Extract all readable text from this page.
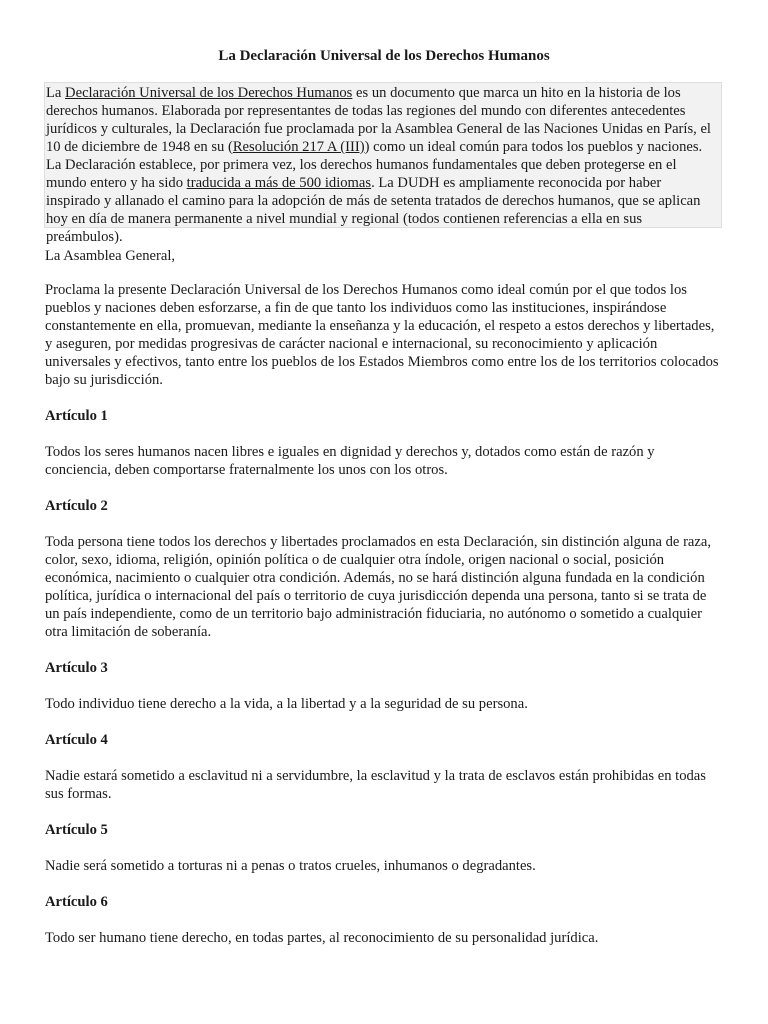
La Declaración Universal de los Derechos Humanos

La Declaración Universal de los Derechos Humanos es un documento que marca un hito en la historia de los derechos humanos. Elaborada por representantes de todas las regiones del mundo con diferentes antecedentes jurídicos y culturales, la Declaración fue proclamada por la Asamblea General de las Naciones Unidas en París, el 10 de diciembre de 1948 en su (Resolución 217 A (III)) como un ideal común para todos los pueblos y naciones. La Declaración establece, por primera vez, los derechos humanos fundamentales que deben protegerse en el mundo entero y ha sido traducida a más de 500 idiomas. La DUDH es ampliamente reconocida por haber inspirado y allanado el camino para la adopción de más de setenta tratados de derechos humanos, que se aplican hoy en día de manera permanente a nivel mundial y regional (todos contienen referencias a ella en sus preámbulos).

La Asamblea General,

Proclama la presente Declaración Universal de los Derechos Humanos como ideal común por el que todos los pueblos y naciones deben esforzarse, a fin de que tanto los individuos como las instituciones, inspirándose constantemente en ella, promuevan, mediante la enseñanza y la educación, el respeto a estos derechos y libertades, y aseguren, por medidas progresivas de carácter nacional e internacional, su reconocimiento y aplicación universales y efectivos, tanto entre los pueblos de los Estados Miembros como entre los de los territorios colocados bajo su jurisdicción.

Artículo 1

Todos los seres humanos nacen libres e iguales en dignidad y derechos y, dotados como están de razón y conciencia, deben comportarse fraternalmente los unos con los otros.

Artículo 2

Toda persona tiene todos los derechos y libertades proclamados en esta Declaración, sin distinción alguna de raza, color, sexo, idioma, religión, opinión política o de cualquier otra índole, origen nacional o social, posición económica, nacimiento o cualquier otra condición. Además, no se hará distinción alguna fundada en la condición política, jurídica o internacional del país o territorio de cuya jurisdicción dependa una persona, tanto si se trata de un país independiente, como de un territorio bajo administración fiduciaria, no autónomo o sometido a cualquier otra limitación de soberanía.

Artículo 3

Todo individuo tiene derecho a la vida, a la libertad y a la seguridad de su persona.

Artículo 4

Nadie estará sometido a esclavitud ni a servidumbre, la esclavitud y la trata de esclavos están prohibidas en todas sus formas.

Artículo 5

Nadie será sometido a torturas ni a penas o tratos crueles, inhumanos o degradantes.

Artículo 6

Todo ser humano tiene derecho, en todas partes, al reconocimiento de su personalidad jurídica.
